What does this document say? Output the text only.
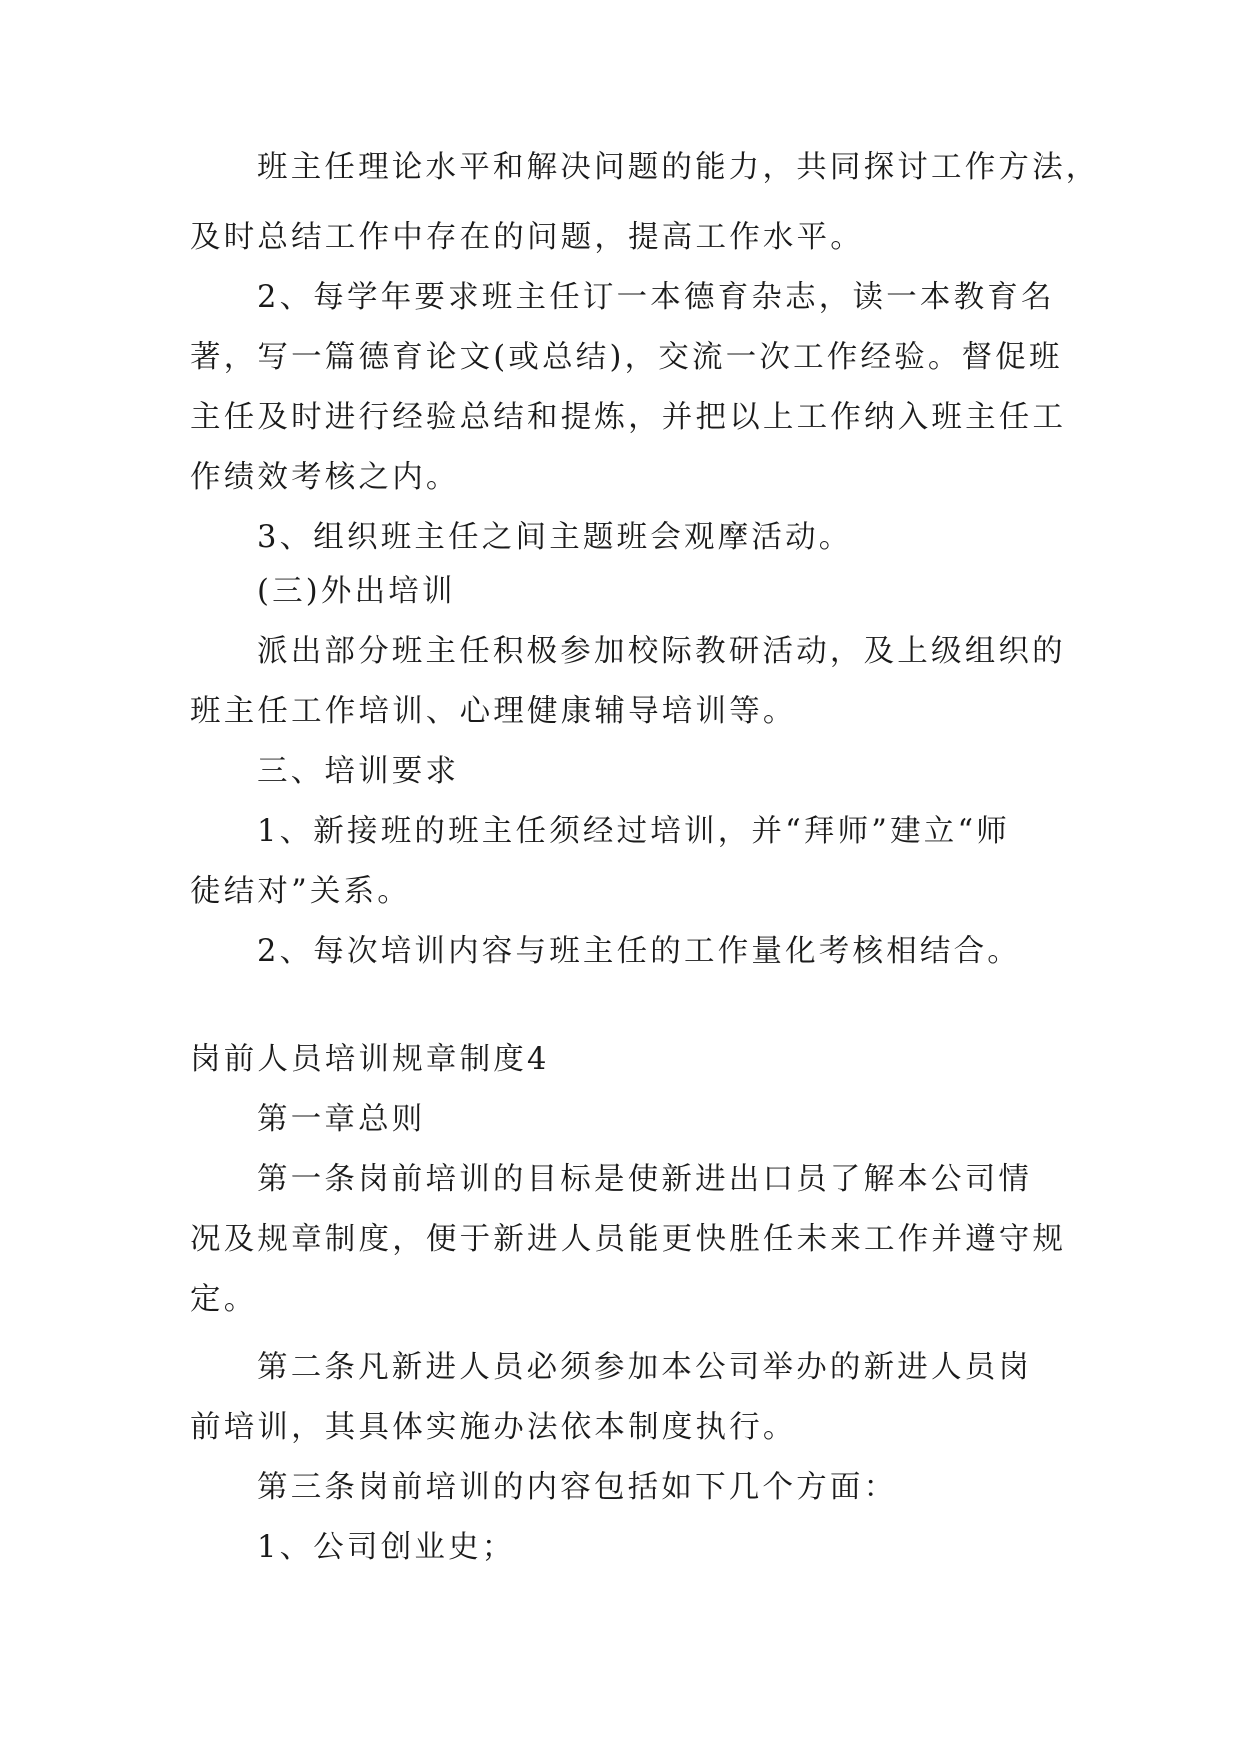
班主任理论水平和解决问题的能力，共同探讨工作方法，
及时总结工作中存在的问题，提高工作水平。
2、每学年要求班主任订一本德育杂志，读一本教育名
著，写一篇德育论文(或总结)，交流一次工作经验。督促班
主任及时进行经验总结和提炼，并把以上工作纳入班主任工
作绩效考核之内。
3、组织班主任之间主题班会观摩活动。
(三)外出培训
派出部分班主任积极参加校际教研活动，及上级组织的
班主任工作培训、心理健康辅导培训等。
三、培训要求
1、新接班的班主任须经过培训，并“拜师”建立“师
徒结对”关系。
2、每次培训内容与班主任的工作量化考核相结合。
岗前人员培训规章制度4
第一章总则
第一条岗前培训的目标是使新进出口员了解本公司情
况及规章制度，便于新进人员能更快胜任未来工作并遵守规
定。
第二条凡新进人员必须参加本公司举办的新进人员岗
前培训，其具体实施办法依本制度执行。
第三条岗前培训的内容包括如下几个方面：
1、公司创业史；
